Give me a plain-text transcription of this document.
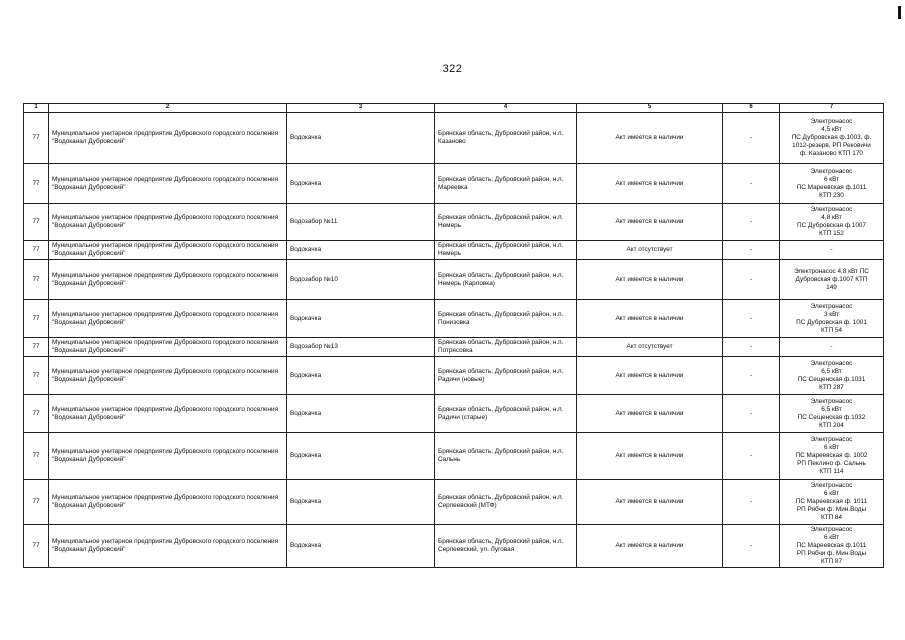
322
1	2	3	4	5	6	7
77	Муниципальное унитарное предприятие Дубровского городского поселения "Водоканал Дубровский"	Водокачка	Брянская область, Дубровский район, н.п. Казаново	Акт имеется в наличии	-	Электронасос
4,5 кВт
ПС Дубровская ф.1003, ф.
1012-резерв, РП Рековичи
ф. Казаново КТП 170

77	Муниципальное унитарное предприятие Дубровского городского поселения "Водоканал Дубровский"	Водокачка	Брянская область, Дубровский район, н.п. Мареевка	Акт имеется в наличии	-	Электронасос
6 кВт
ПС Мареевская ф.1011
КТП 230

77	Муниципальное унитарное предприятие Дубровского городского поселения "Водоканал Дубровский"	Водозабор №11	Брянская область, Дубровский район, н.п. Немерь	Акт имеется в наличии	-	Электронасос
4,8 кВт
ПС Дубровская ф.1007
КТП 152

77	Муниципальное унитарное предприятие Дубровского городского поселения "Водоканал Дубровский"	Водокачка	Брянская область, Дубровский район, н.п. Немерь	Акт отсутствует	-	-

77	Муниципальное унитарное предприятие Дубровского городского поселения "Водоканал Дубровский"	Водозабор №10	Брянская область, Дубровский район, н.п. Немерь (Карловка)	Акт имеется в наличии	-	Электронасос 4,8 кВт ПС
Дубровская ф.1007 КТП
149

77	Муниципальное унитарное предприятие Дубровского городского поселения "Водоканал Дубровский"	Водокачка	Брянская область, Дубровский район, н.п. Понизовка	Акт имеется в наличии	-	Электронасос
3 кВт
ПС Дубровская ф. 1001
КТП 54

77	Муниципальное унитарное предприятие Дубровского городского поселения "Водоканал Дубровский"	Водозабор №13	Брянская область, Дубровский район, н.п. Потрясовка	Акт отсутствует	-	-

77	Муниципальное унитарное предприятие Дубровского городского поселения "Водоканал Дубровский"	Водокачка	Брянская область, Дубровский район, н.п. Радичи (новые)	Акт имеется в наличии	-	Электронасос
6,5 кВт
ПС Сещенская ф.1031
КТП 287

77	Муниципальное унитарное предприятие Дубровского городского поселения "Водоканал Дубровский"	Водокачка	Брянская область, Дубровский район, н.п. Радичи (старые)	Акт имеется в наличии	-	Электронасос
6,5 кВт
ПС Сещенская ф.1032
КТП 204

77	Муниципальное унитарное предприятие Дубровского городского поселения "Водоканал Дубровский"	Водокачка	Брянская область, Дубровский район, н.п. Сальнь	Акт имеется в наличии	-	Электронасос
6 кВт
ПС Мареевская ф. 1002
РП Пеклино ф. Сальнь
КТП 114

77	Муниципальное унитарное предприятие Дубровского городского поселения "Водоканал Дубровский"	Водокачка	Брянская область, Дубровский район, н.п. Серпеевский (МТФ)	Акт имеется в наличии	-	Электронасос
6 кВт
ПС Мареевская ф. 1011
РП Рябчи ф. Мин.Воды
КТП 84

77	Муниципальное унитарное предприятие Дубровского городского поселения "Водоканал Дубровский"	Водокачка	Брянская область, Дубровский район, н.п. Серпеевский, ул. Луговая	Акт имеется в наличии	-	Электронасос
6 кВт
ПС Мареевская ф.1011
РП Рябчи ф. Мин.Воды
КТП 87
